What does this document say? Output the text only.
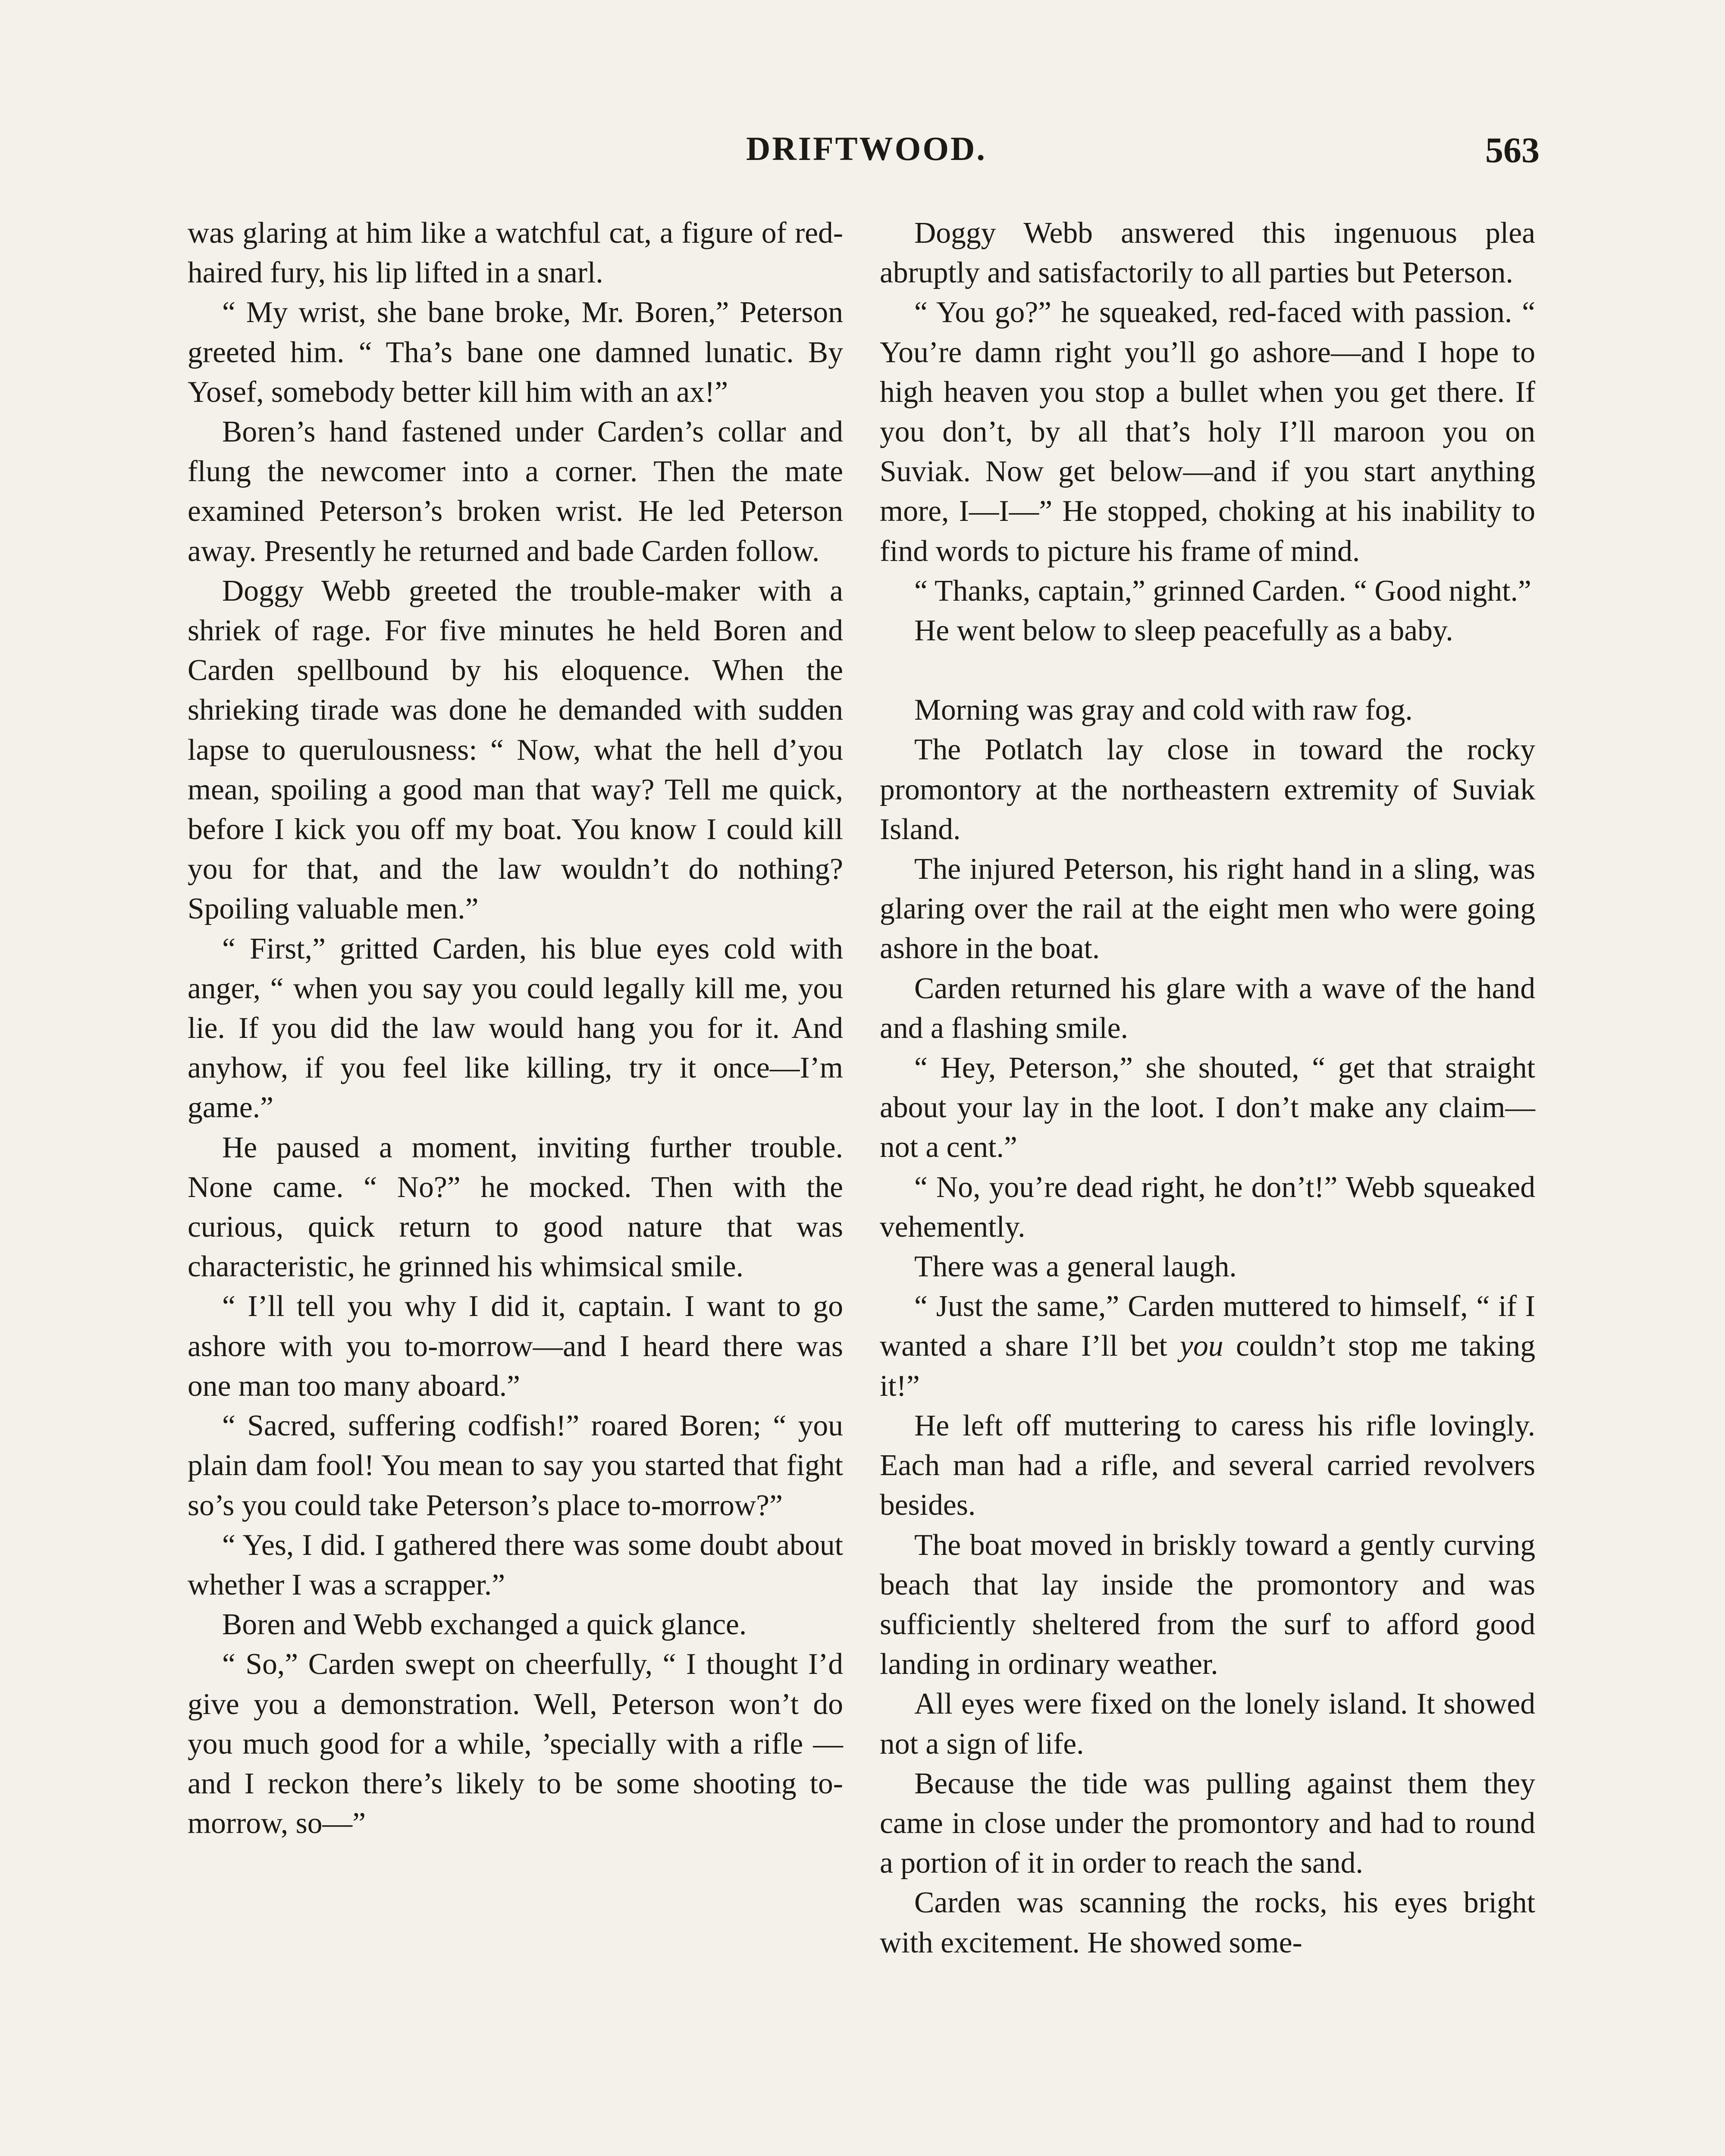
DRIFTWOOD.	563

was glaring at him like a watchful cat, a figure of red-haired fury, his lip lifted in a snarl.

“ My wrist, she bane broke, Mr. Boren,” Peterson greeted him. “ Tha’s bane one damned lunatic. By Yosef, somebody better kill him with an ax!”

Boren’s hand fastened under Carden’s collar and flung the newcomer into a corner. Then the mate examined Peterson’s broken wrist. He led Peterson away. Presently he returned and bade Carden follow.

Doggy Webb greeted the trouble-maker with a shriek of rage. For five minutes he held Boren and Carden spellbound by his eloquence. When the shrieking tirade was done he demanded with sudden lapse to querulousness: “ Now, what the hell d’you mean, spoiling a good man that way? Tell me quick, before I kick you off my boat. You know I could kill you for that, and the law wouldn’t do nothing? Spoiling valuable men.”

“ First,” gritted Carden, his blue eyes cold with anger, “ when you say you could legally kill me, you lie. If you did the law would hang you for it. And anyhow, if you feel like killing, try it once—I’m game.”

He paused a moment, inviting further trouble. None came. “ No?” he mocked. Then with the curious, quick return to good nature that was characteristic, he grinned his whimsical smile.

“ I’ll tell you why I did it, captain. I want to go ashore with you to-morrow—and I heard there was one man too many aboard.”

“ Sacred, suffering codfish!” roared Boren; “ you plain dam fool! You mean to say you started that fight so’s you could take Peterson’s place to-morrow?”

“ Yes, I did. I gathered there was some doubt about whether I was a scrapper.”

Boren and Webb exchanged a quick glance.

“ So,” Carden swept on cheerfully, “ I thought I’d give you a demonstration. Well, Peterson won’t do you much good for a while, ’specially with a rifle — and I reckon there’s likely to be some shooting to-morrow, so—”

Doggy Webb answered this ingenuous plea abruptly and satisfactorily to all parties but Peterson.

“ You go?” he squeaked, red-faced with passion. “ You’re damn right you’ll go ashore—and I hope to high heaven you stop a bullet when you get there. If you don’t, by all that’s holy I’ll maroon you on Suviak. Now get below—and if you start anything more, I—I—” He stopped, choking at his inability to find words to picture his frame of mind.

“ Thanks, captain,” grinned Carden. “ Good night.”

He went below to sleep peacefully as a baby.

Morning was gray and cold with raw fog.

The Potlatch lay close in toward the rocky promontory at the northeastern extremity of Suviak Island.

The injured Peterson, his right hand in a sling, was glaring over the rail at the eight men who were going ashore in the boat.

Carden returned his glare with a wave of the hand and a flashing smile.

“ Hey, Peterson,” she shouted, “ get that straight about your lay in the loot. I don’t make any claim—not a cent.”

“ No, you’re dead right, he don’t!” Webb squeaked vehemently.

There was a general laugh.

“ Just the same,” Carden muttered to himself, “ if I wanted a share I’ll bet you couldn’t stop me taking it!”

He left off muttering to caress his rifle lovingly. Each man had a rifle, and several carried revolvers besides.

The boat moved in briskly toward a gently curving beach that lay inside the promontory and was sufficiently sheltered from the surf to afford good landing in ordinary weather.

All eyes were fixed on the lonely island. It showed not a sign of life.

Because the tide was pulling against them they came in close under the promontory and had to round a portion of it in order to reach the sand.

Carden was scanning the rocks, his eyes bright with excitement. He showed some-
